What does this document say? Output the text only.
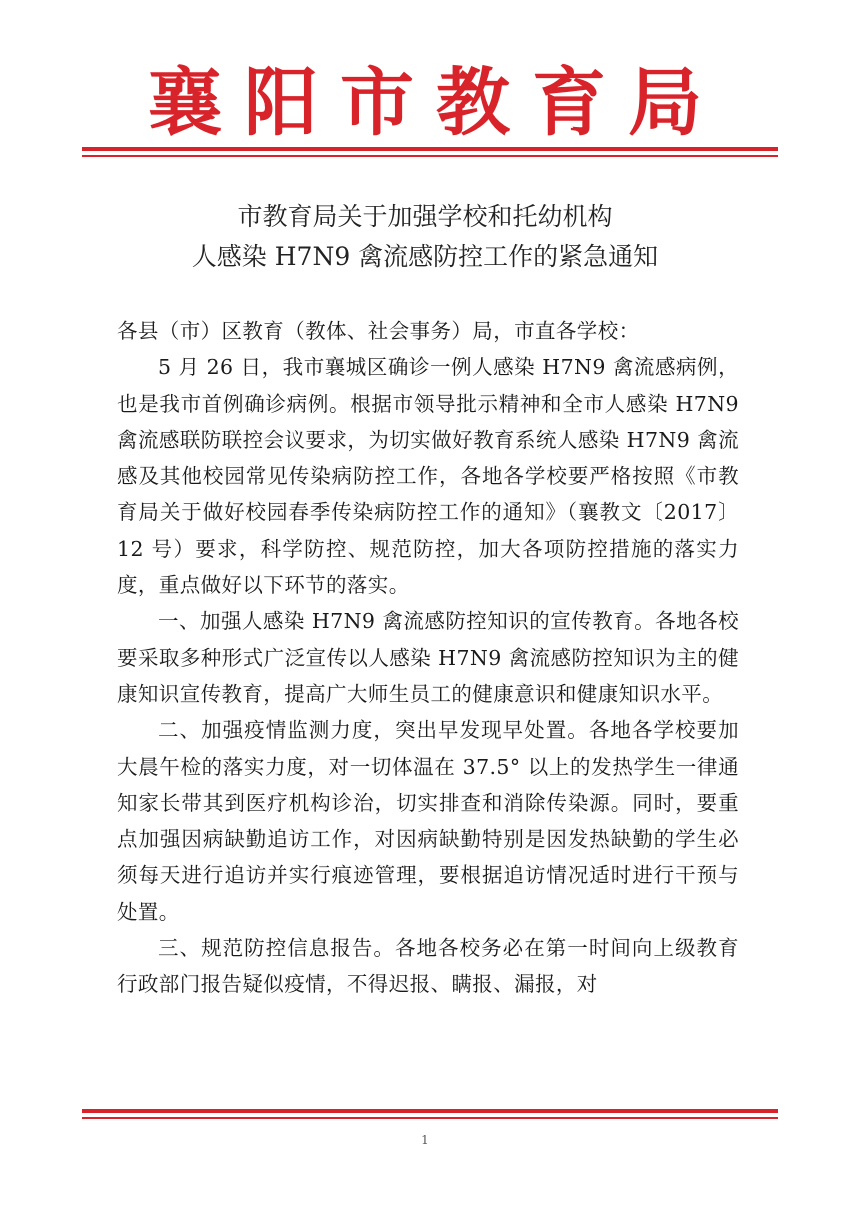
襄阳市教育局
市教育局关于加强学校和托幼机构
人感染 H7N9 禽流感防控工作的紧急通知

各县（市）区教育（教体、社会事务）局，市直各学校：

5 月 26 日，我市襄城区确诊一例人感染 H7N9 禽流感病例，也是我市首例确诊病例。根据市领导批示精神和全市人感染 H7N9 禽流感联防联控会议要求，为切实做好教育系统人感染 H7N9 禽流感及其他校园常见传染病防控工作，各地各学校要严格按照《市教育局关于做好校园春季传染病防控工作的通知》（襄教文〔2017〕12 号）要求，科学防控、规范防控，加大各项防控措施的落实力度，重点做好以下环节的落实。

一、加强人感染 H7N9 禽流感防控知识的宣传教育。各地各校要采取多种形式广泛宣传以人感染 H7N9 禽流感防控知识为主的健康知识宣传教育，提高广大师生员工的健康意识和健康知识水平。

二、加强疫情监测力度，突出早发现早处置。各地各学校要加大晨午检的落实力度，对一切体温在 37.5° 以上的发热学生一律通知家长带其到医疗机构诊治，切实排查和消除传染源。同时，要重点加强因病缺勤追访工作，对因病缺勤特别是因发热缺勤的学生必须每天进行追访并实行痕迹管理，要根据追访情况适时进行干预与处置。

三、规范防控信息报告。各地各校务必在第一时间向上级教育行政部门报告疑似疫情，不得迟报、瞒报、漏报，对

1
